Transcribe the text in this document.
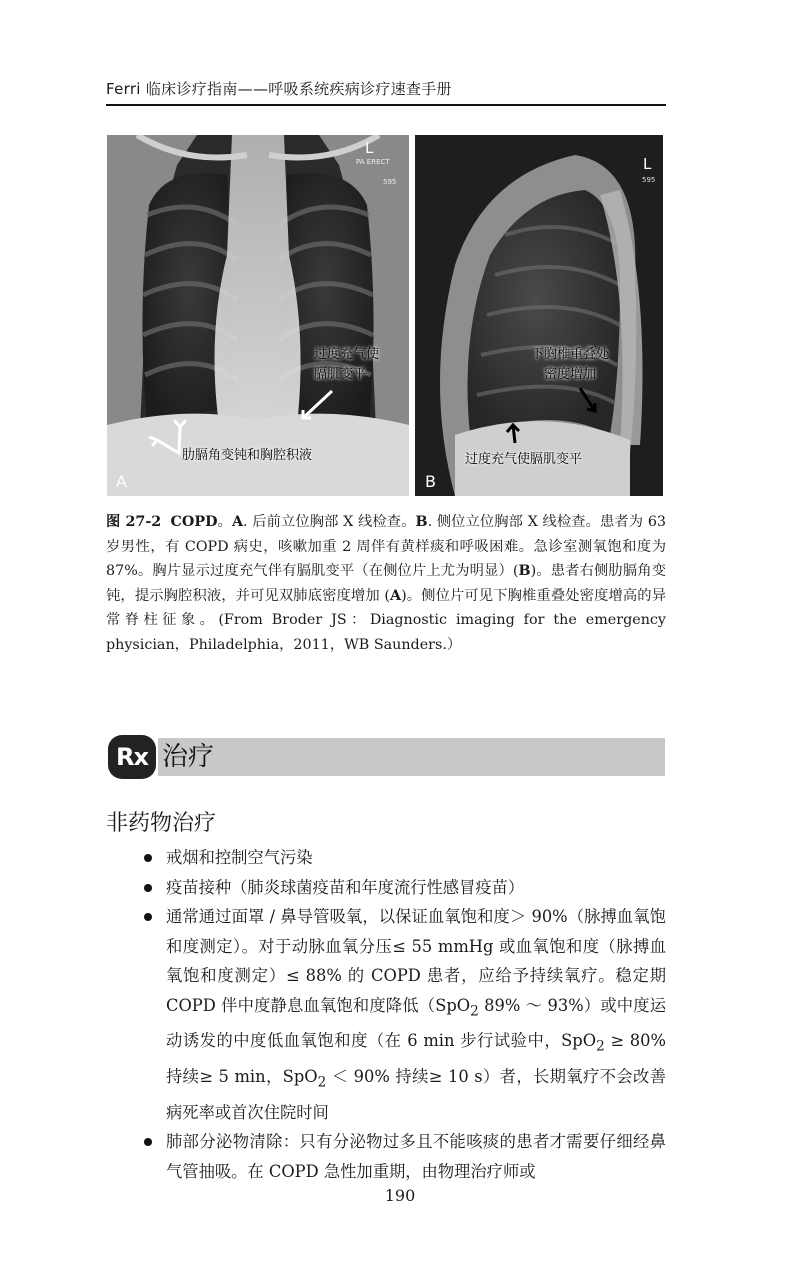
Ferri 临床诊疗指南——呼吸系统疾病诊疗速查手册
L
PA ERECT
595
过度充气使
膈肌变平
肋膈角变钝和胸腔积液
A
L
595
下胸椎重叠处
密度增加
过度充气使膈肌变平
B
图 27-2 COPD。A. 后前立位胸部 X 线检查。B. 侧位立位胸部 X 线检查。患者为 63 岁男性，有 COPD 病史，咳嗽加重 2 周伴有黄样痰和呼吸困难。急诊室测氧饱和度为 87%。胸片显示过度充气伴有膈肌变平（在侧位片上尤为明显）(B)。患者右侧肋膈角变钝，提示胸腔积液，并可见双肺底密度增加 (A)。侧位片可见下胸椎重叠处密度增高的异常脊柱征象。(From Broder JS：Diagnostic imaging for the emergency physician，Philadelphia，2011，WB Saunders.）
Rx 治疗
非药物治疗
戒烟和控制空气污染
疫苗接种（肺炎球菌疫苗和年度流行性感冒疫苗）
通常通过面罩 / 鼻导管吸氧，以保证血氧饱和度＞ 90%（脉搏血氧饱和度测定）。对于动脉血氧分压≤ 55 mmHg 或血氧饱和度（脉搏血氧饱和度测定）≤ 88% 的 COPD 患者，应给予持续氧疗。稳定期 COPD 伴中度静息血氧饱和度降低（SpO$_2$ 89% ～ 93%）或中度运动诱发的中度低血氧饱和度（在 6 min 步行试验中，SpO$_2$ ≥ 80% 持续≥ 5 min，SpO$_2$ ＜ 90% 持续≥ 10 s）者，长期氧疗不会改善病死率或首次住院时间
肺部分泌物清除：只有分泌物过多且不能咳痰的患者才需要仔细经鼻气管抽吸。在 COPD 急性加重期，由物理治疗师或
190
